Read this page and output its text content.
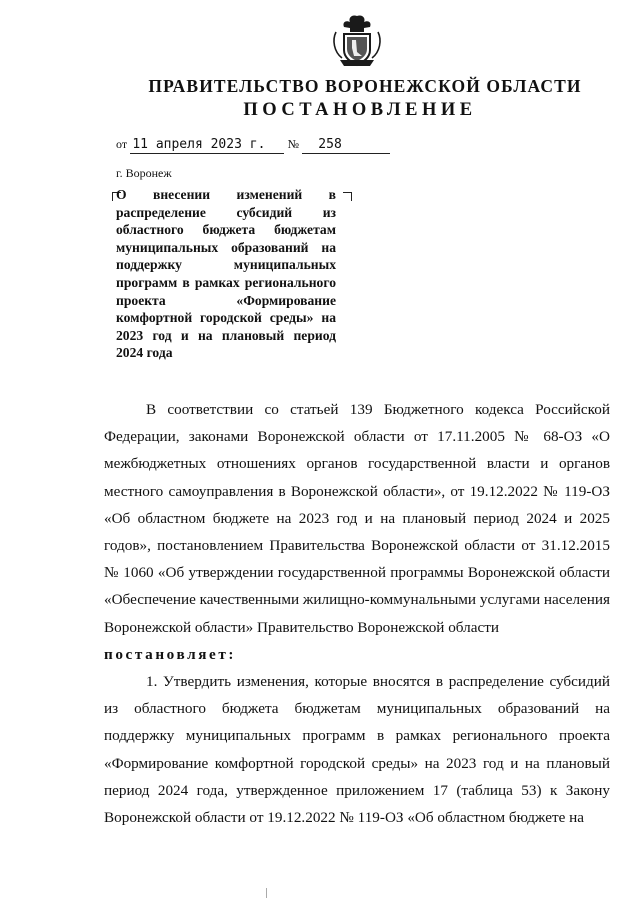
ПРАВИТЕЛЬСТВО ВОРОНЕЖСКОЙ ОБЛАСТИ
ПОСТАНОВЛЕНИЕ
от 11 апреля 2023 г. № 258
г. Воронеж
О внесении изменений в распределение субсидий из областного бюджета бюджетам муниципальных образований на поддержку муниципальных программ в рамках регионального проекта «Формирование комфортной городской среды» на 2023 год и на плановый период 2024 года

В соответствии со статьей 139 Бюджетного кодекса Российской Федерации, законами Воронежской области от 17.11.2005 № 68-ОЗ «О межбюджетных отношениях органов государственной власти и органов местного самоуправления в Воронежской области», от 19.12.2022 № 119-ОЗ «Об областном бюджете на 2023 год и на плановый период 2024 и 2025 годов», постановлением Правительства Воронежской области от 31.12.2015 № 1060 «Об утверждении государственной программы Воронежской области «Обеспечение качественными жилищно-коммунальными услугами населения Воронежской области» Правительство Воронежской области

постановляет:

1. Утвердить изменения, которые вносятся в распределение субсидий из областного бюджета бюджетам муниципальных образований на поддержку муниципальных программ в рамках регионального проекта «Формирование комфортной городской среды» на 2023 год и на плановый период 2024 года, утвержденное приложением 17 (таблица 53) к Закону Воронежской области от 19.12.2022 № 119-ОЗ «Об областном бюджете на
